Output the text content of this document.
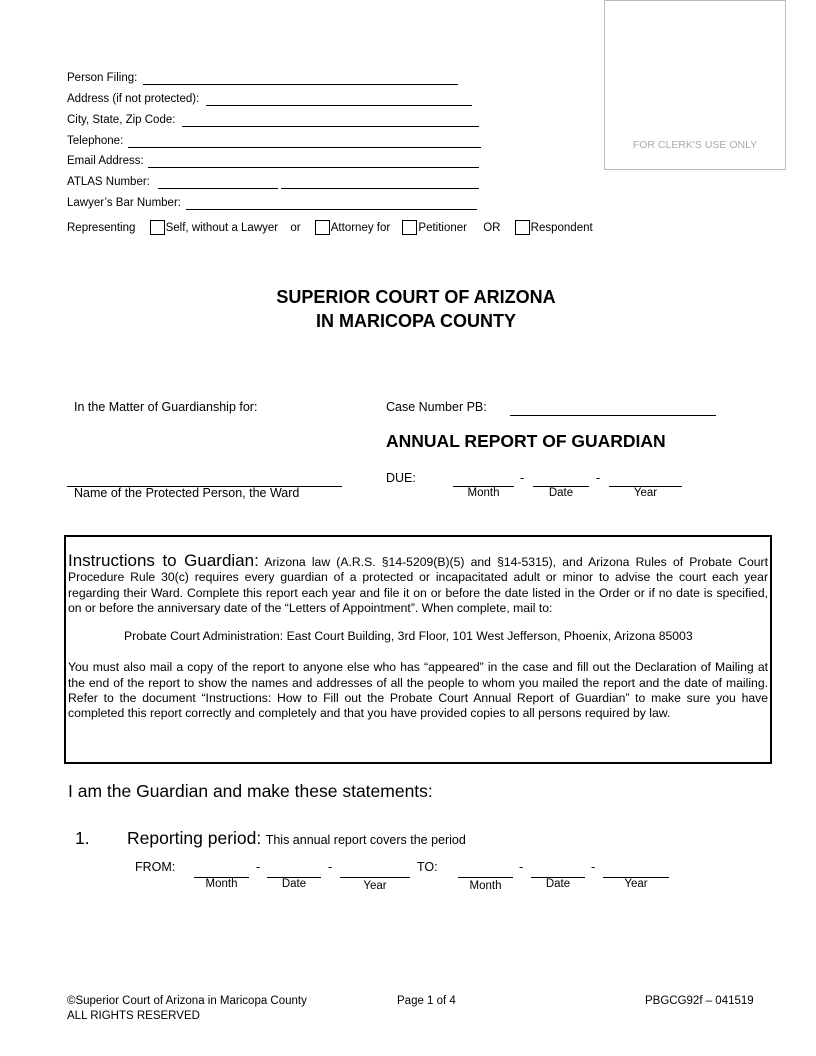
FOR CLERK'S USE ONLY
Person Filing:
Address (if not protected):
City, State, Zip Code:
Telephone:
Email Address:
ATLAS Number:
Lawyer’s Bar Number:
Representing	Self, without a Lawyer or	Attorney for Petitioner OR	Respondent
SUPERIOR COURT OF ARIZONA
IN MARICOPA COUNTY
In the Matter of Guardianship for:
Name of the Protected Person, the Ward
Case Number PB:
ANNUAL REPORT OF GUARDIAN
DUE:	-	-
Month	Date	Year

Instructions to Guardian: Arizona law (A.R.S. §14-5209(B)(5) and §14-5315), and Arizona Rules of Probate Court Procedure Rule 30(c) requires every guardian of a protected or incapacitated adult or minor to advise the court each year regarding their Ward. Complete this report each year and file it on or before the date listed in the Order or if no date is specified, on or before the anniversary date of the “Letters of Appointment”. When complete, mail to:

Probate Court Administration: East Court Building, 3rd Floor, 101 West Jefferson, Phoenix, Arizona 85003

You must also mail a copy of the report to anyone else who has “appeared” in the case and fill out the Declaration of Mailing at the end of the report to show the names and addresses of all the people to whom you mailed the report and the date of mailing. Refer to the document “Instructions: How to Fill out the Probate Court Annual Report of Guardian” to make sure you have completed this report correctly and completely and that you have provided copies to all persons required by law.

I am the Guardian and make these statements:
1. Reporting period: This annual report covers the period
FROM:	-	-
Month	Date	Year
TO:	-	-
Month	Date	Year
©Superior Court of Arizona in Maricopa County
ALL RIGHTS RESERVED
Page 1 of 4	PBGCG92f – 041519
